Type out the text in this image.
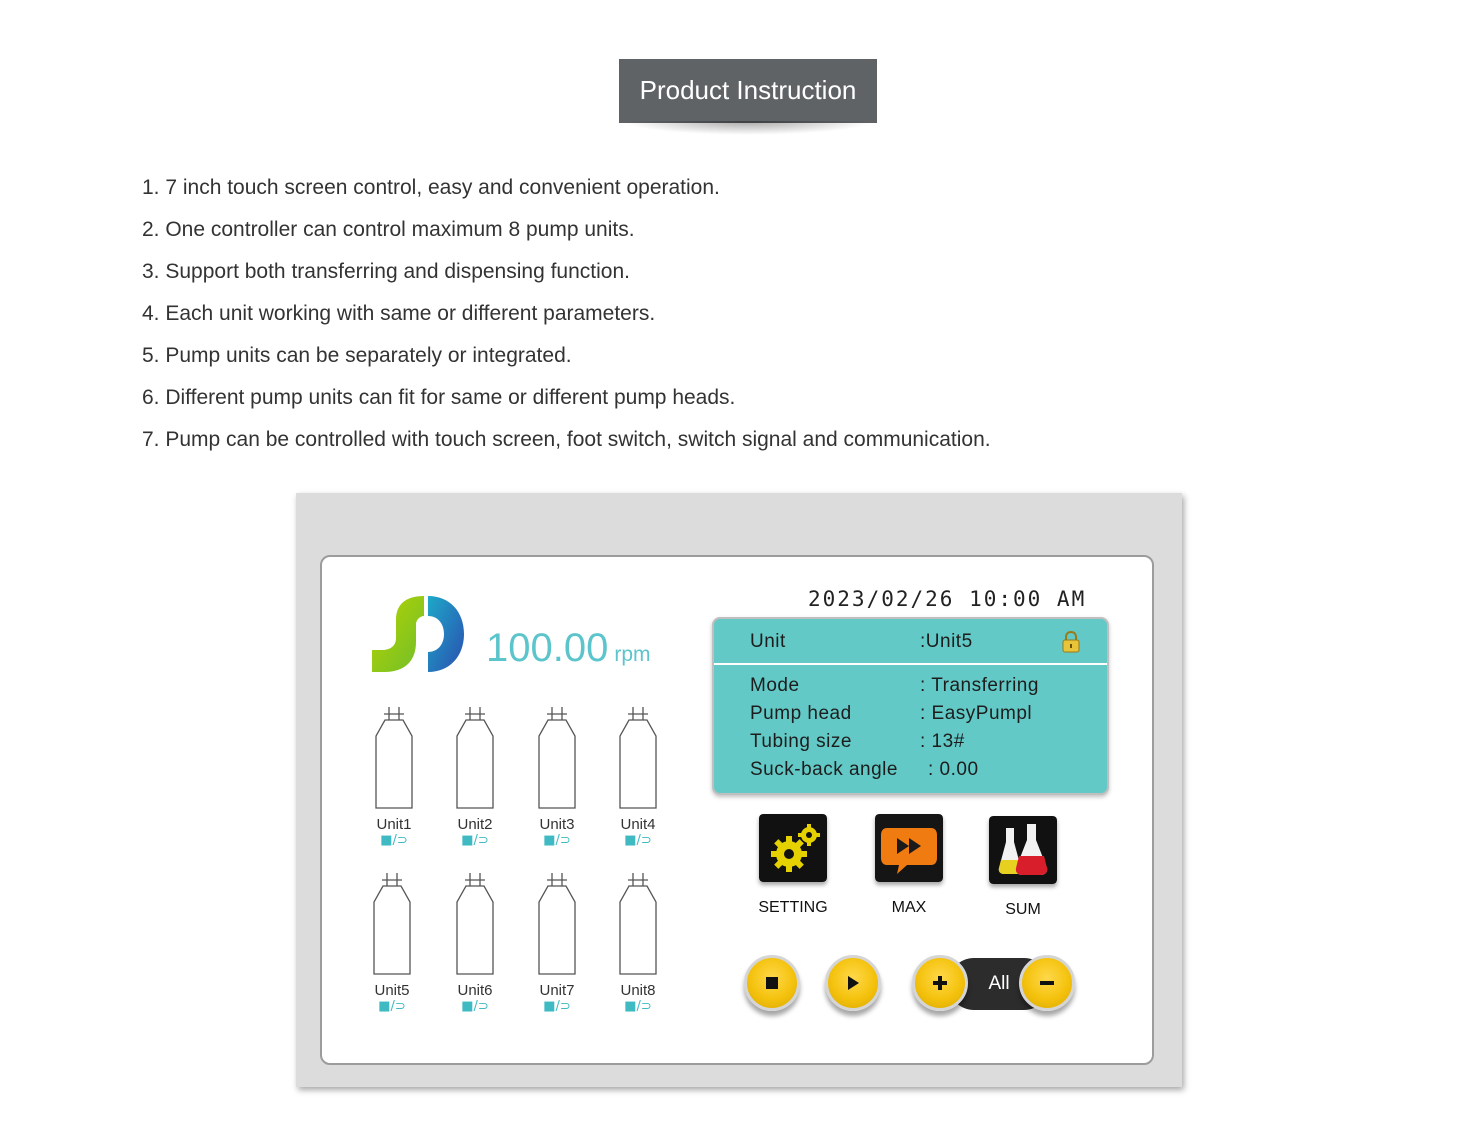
Product Instruction
1. 7 inch touch screen control, easy and convenient operation.
2. One controller can control maximum 8 pump units.
3. Support both transferring and dispensing function.
4. Each unit working with same or different parameters.
5. Pump units can be separately or integrated.
6. Different pump units can fit for same or different pump heads.
7. Pump can be controlled with touch screen, foot switch, switch signal and communication.
100.00 rpm
Unit1
■/⊃
Unit2
■/⊃
Unit3
■/⊃
Unit4
■/⊃
Unit5
■/⊃
Unit6
■/⊃
Unit7
■/⊃
Unit8
■/⊃
2023/02/26 10:00 AM
Unit	:Unit5
Mode	: Transferring
Pump head	: EasyPumpl
Tubing size	: 13#
Suck-back angle : 0.00
SETTING	MAX	SUM
All
